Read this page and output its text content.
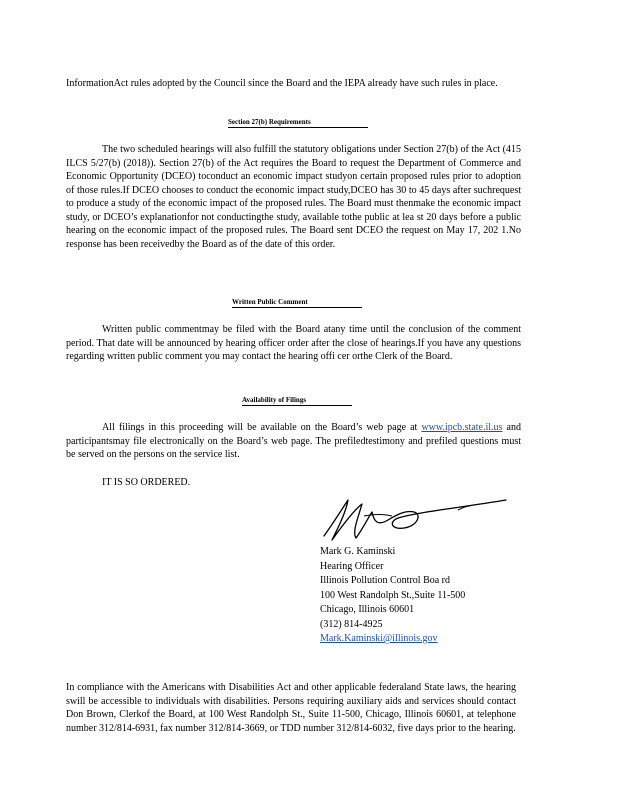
InformationAct rules adopted by the Council since the Board and the IEPA already have such rules in place.

Section 27(b) Requirements

The two scheduled hearings will also fulfill the statutory obligations under Section 27(b) of the Act (415 ILCS 5/27(b) (2018)). Section 27(b) of the Act requires the Board to request the Department of Commerce and Economic Opportunity (DCEO) toconduct an economic impact studyon certain proposed rules prior to adoption of those rules.If DCEO chooses to conduct the economic impact study,DCEO has 30 to 45 days after suchrequest to produce a study of the economic impact of the proposed rules. The Board must thenmake the economic impact study, or DCEO’s explanationfor not conductingthe study, available tothe public at lea st 20 days before a public hearing on the economic impact of the proposed rules. The Board sent DCEO the request on May 17, 202 1.No response has been receivedby the Board as of the date of this order.

Written Public Comment

Written public commentmay be filed with the Board atany time until the conclusion of the comment period. That date will be announced by hearing officer order after the close of hearings.If you have any questions regarding written public comment you may contact the hearing offi cer orthe Clerk of the Board.

Availability of Filings

All filings in this proceeding will be available on the Board’s web page at www.ipcb.state.il.us and participantsmay file electronically on the Board’s web page. The prefiledtestimony and prefiled questions must be served on the persons on the service list.

IT IS SO ORDERED.

Mark G. Kaminski
Hearing Officer
Illinois Pollution Control Boa rd
100 West Randolph St.,Suite 11-500
Chicago, Illinois 60601
(312) 814-4925
Mark.Kaminski@illinois.gov

In compliance with the Americans with Disabilities Act and other applicable federaland State laws, the hearing swill be accessible to individuals with disabilities. Persons requiring auxiliary aids and services should contact Don Brown, Clerkof the Board, at 100 West Randolph St., Suite 11-500, Chicago, Illinois 60601, at telephone number 312/814-6931, fax number 312/814-3669, or TDD number 312/814-6032, five days prior to the hearing.
